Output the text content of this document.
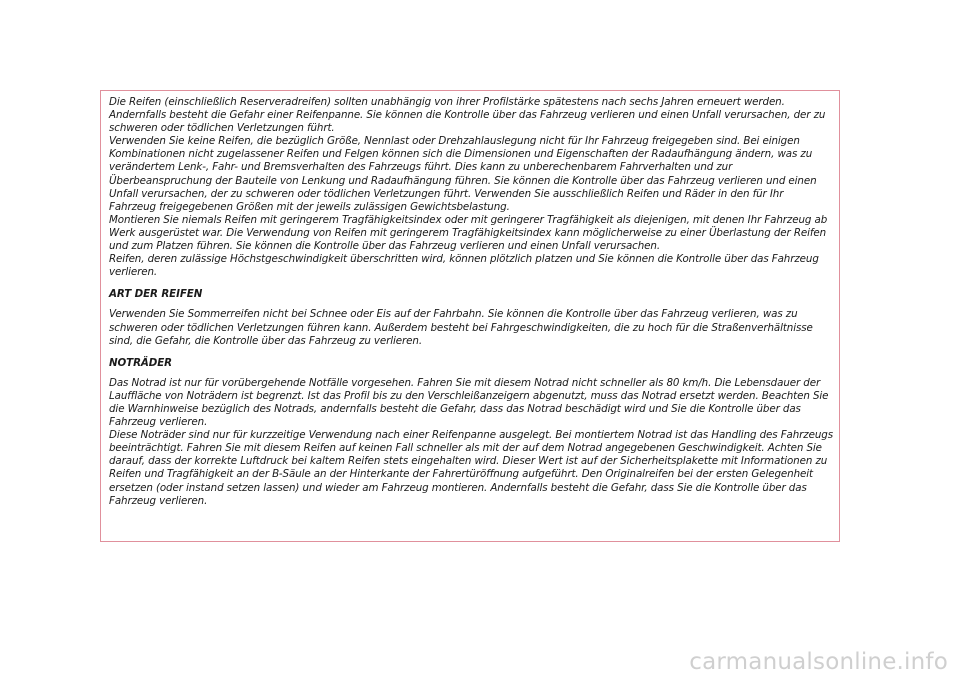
Die Reifen (einschließlich Reserveradreifen) sollten unabhängig von ihrer Profilstärke spätestens nach sechs Jahren erneuert werden. Andernfalls besteht die Gefahr einer Reifenpanne. Sie können die Kontrolle über das Fahrzeug verlieren und einen Unfall verursachen, der zu schweren oder tödlichen Verletzungen führt.

Verwenden Sie keine Reifen, die bezüglich Größe, Nennlast oder Drehzahlauslegung nicht für Ihr Fahrzeug freigegeben sind. Bei einigen Kombinationen nicht zugelassener Reifen und Felgen können sich die Dimensionen und Eigenschaften der Radaufhängung ändern, was zu verändertem Lenk-, Fahr- und Bremsverhalten des Fahrzeugs führt. Dies kann zu unberechenbarem Fahrverhalten und zur Überbeanspruchung der Bauteile von Lenkung und Radaufhängung führen. Sie können die Kontrolle über das Fahrzeug verlieren und einen Unfall verursachen, der zu schweren oder tödlichen Verletzungen führt. Verwenden Sie ausschließlich Reifen und Räder in den für Ihr Fahrzeug freigegebenen Größen mit der jeweils zulässigen Gewichtsbelastung.

Montieren Sie niemals Reifen mit geringerem Tragfähigkeitsindex oder mit geringerer Tragfähigkeit als diejenigen, mit denen Ihr Fahrzeug ab Werk ausgerüstet war. Die Verwendung von Reifen mit geringerem Tragfähigkeitsindex kann möglicherweise zu einer Überlastung der Reifen und zum Platzen führen. Sie können die Kontrolle über das Fahrzeug verlieren und einen Unfall verursachen.

Reifen, deren zulässige Höchstgeschwindigkeit überschritten wird, können plötzlich platzen und Sie können die Kontrolle über das Fahrzeug verlieren.

ART DER REIFEN

Verwenden Sie Sommerreifen nicht bei Schnee oder Eis auf der Fahrbahn. Sie können die Kontrolle über das Fahrzeug verlieren, was zu schweren oder tödlichen Verletzungen führen kann. Außerdem besteht bei Fahrgeschwindigkeiten, die zu hoch für die Straßenverhältnisse sind, die Gefahr, die Kontrolle über das Fahrzeug zu verlieren.

NOTRÄDER

Das Notrad ist nur für vorübergehende Notfälle vorgesehen. Fahren Sie mit diesem Notrad nicht schneller als 80 km/h. Die Lebensdauer der Lauffläche von Noträdern ist begrenzt. Ist das Profil bis zu den Verschleißanzeigern abgenutzt, muss das Notrad ersetzt werden. Beachten Sie die Warnhinweise bezüglich des Notrads, andernfalls besteht die Gefahr, dass das Notrad beschädigt wird und Sie die Kontrolle über das Fahrzeug verlieren.

Diese Noträder sind nur für kurzzeitige Verwendung nach einer Reifenpanne ausgelegt. Bei montiertem Notrad ist das Handling des Fahrzeugs beeinträchtigt. Fahren Sie mit diesem Reifen auf keinen Fall schneller als mit der auf dem Notrad angegebenen Geschwindigkeit. Achten Sie darauf, dass der korrekte Luftdruck bei kaltem Reifen stets eingehalten wird. Dieser Wert ist auf der Sicherheitsplakette mit Informationen zu Reifen und Tragfähigkeit an der B-Säule an der Hinterkante der Fahrertüröffnung aufgeführt. Den Originalreifen bei der ersten Gelegenheit ersetzen (oder instand setzen lassen) und wieder am Fahrzeug montieren. Andernfalls besteht die Gefahr, dass Sie die Kontrolle über das Fahrzeug verlieren.

carmanualsonline.info
